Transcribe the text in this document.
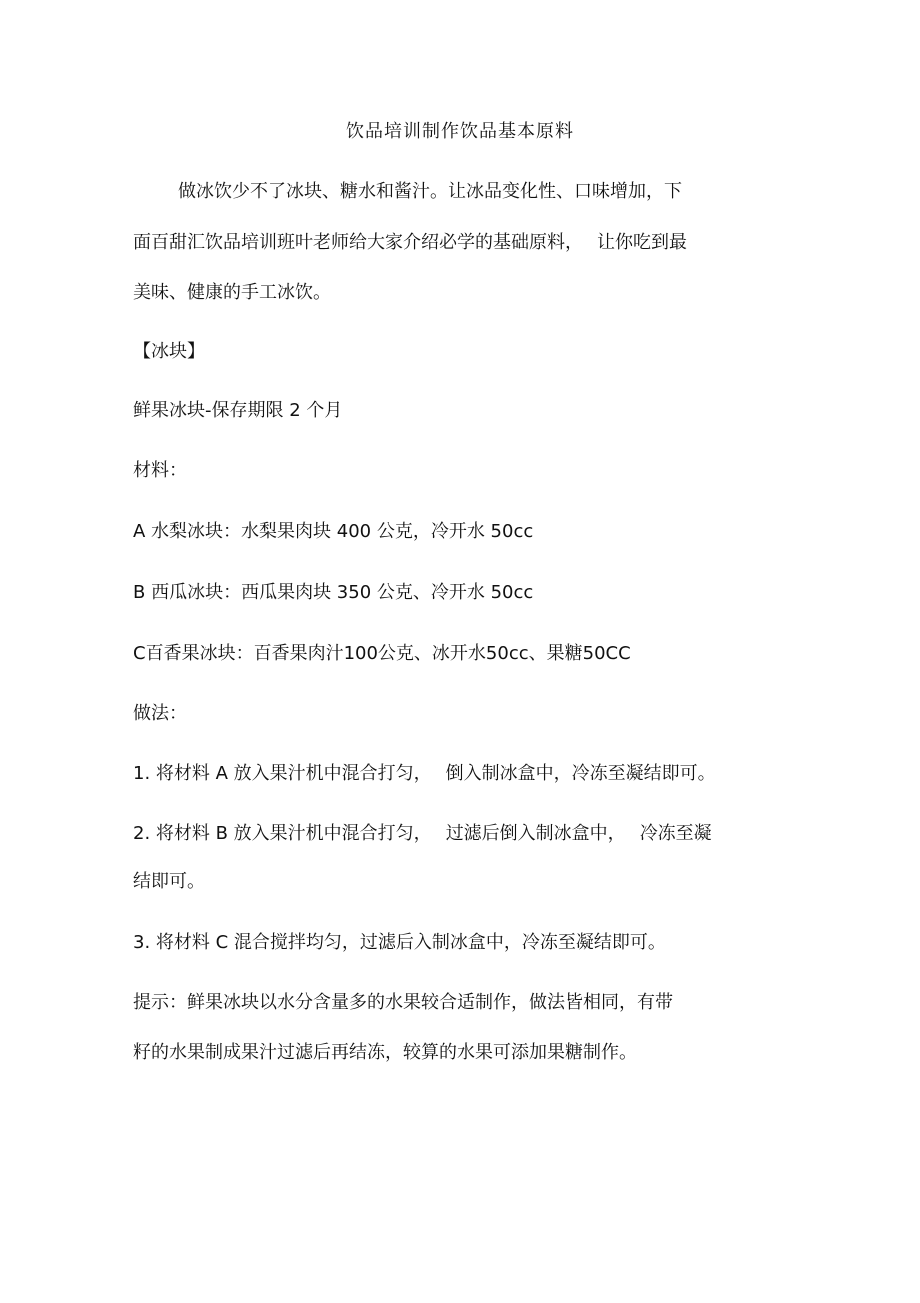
饮品培训制作饮品基本原料
做冰饮少不了冰块、糖水和酱汁。让冰品变化性、口味增加，下
面百甜汇饮品培训班叶老师给大家介绍必学的基础原料， 让你吃到最
美味、健康的手工冰饮。
【冰块】
鲜果冰块-保存期限 2 个月
材料：
A 水梨冰块：水梨果肉块 400 公克，冷开水 50cc
B 西瓜冰块：西瓜果肉块 350 公克、冷开水 50cc
C百香果冰块：百香果肉汁100公克、冰开水50cc、果糖50CC
做法：
1. 将材料 A 放入果汁机中混合打匀， 倒入制冰盒中，冷冻至凝结即可。
2. 将材料 B 放入果汁机中混合打匀， 过滤后倒入制冰盒中， 冷冻至凝
结即可。
3. 将材料 C 混合搅拌均匀，过滤后入制冰盒中，冷冻至凝结即可。
提示：鲜果冰块以水分含量多的水果较合适制作，做法皆相同，有带
籽的水果制成果汁过滤后再结冻，较算的水果可添加果糖制作。
